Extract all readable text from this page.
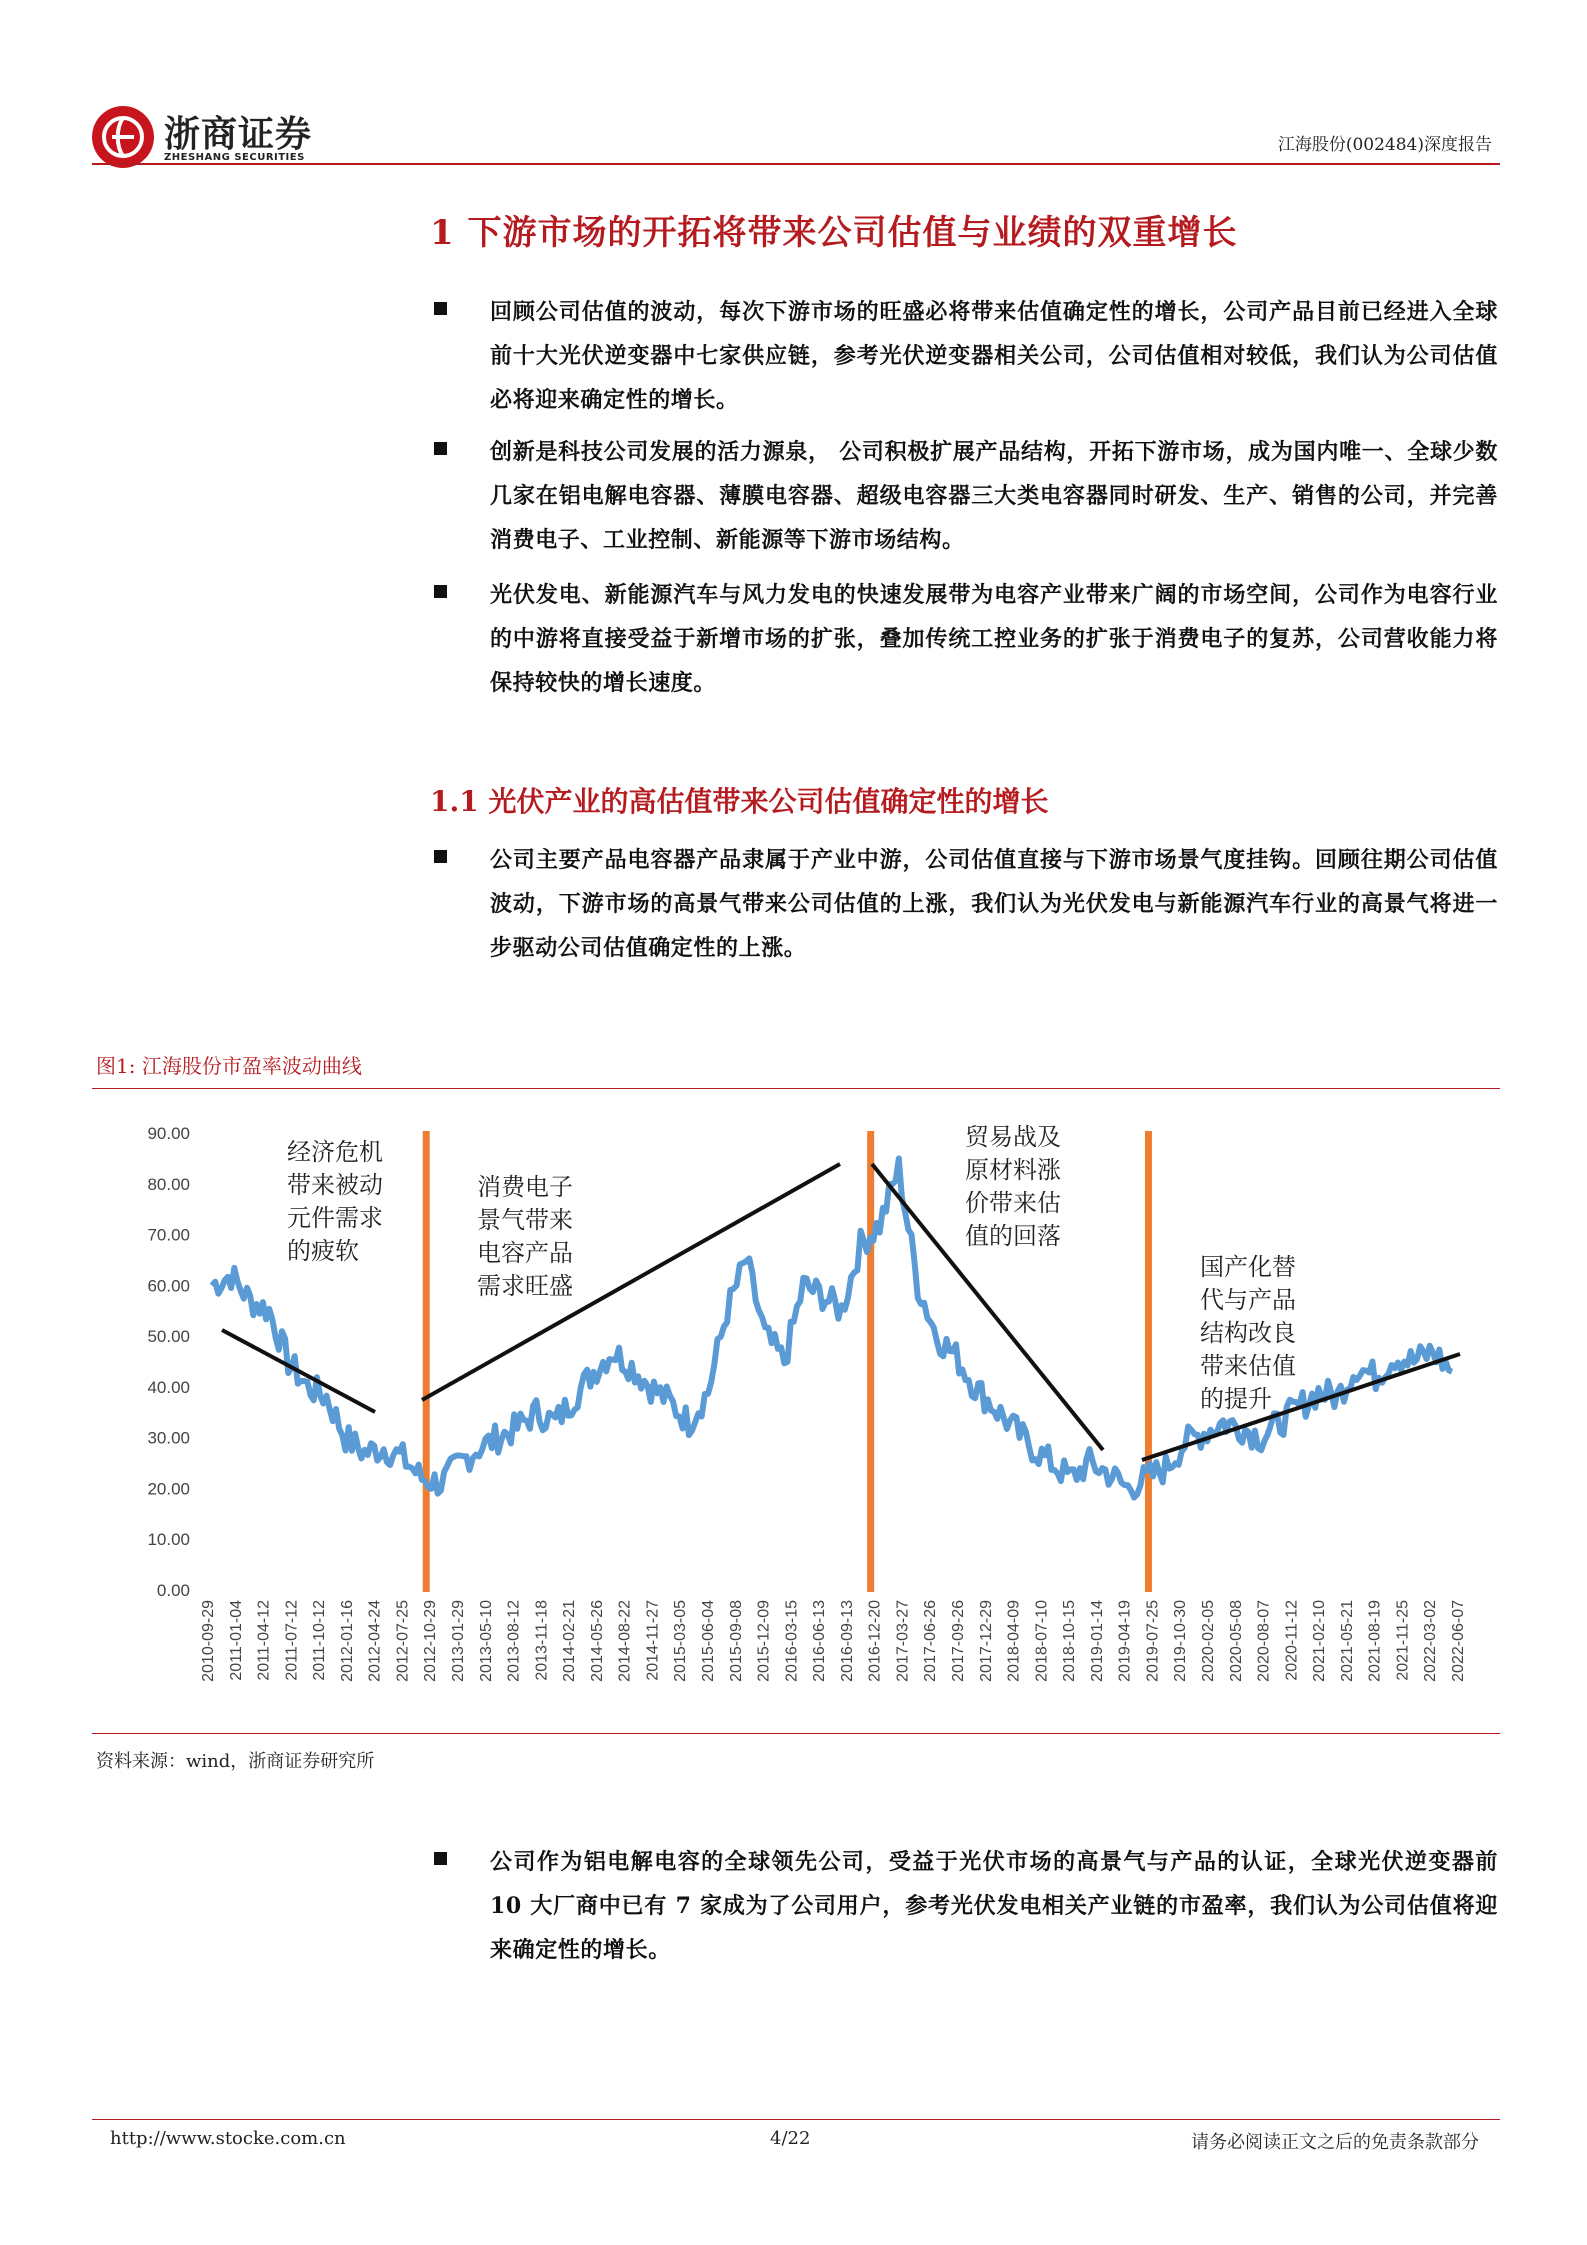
浙商证券
ZHESHANG SECURITIES
江海股份(002484)深度报告
1 下游市场的开拓将带来公司估值与业绩的双重增长

回顾公司估值的波动，每次下游市场的旺盛必将带来估值确定性的增长，公司产品目前已经进入全球前十大光伏逆变器中七家供应链，参考光伏逆变器相关公司，公司估值相对较低，我们认为公司估值必将迎来确定性的增长。

创新是科技公司发展的活力源泉， 公司积极扩展产品结构，开拓下游市场，成为国内唯一、全球少数几家在铝电解电容器、薄膜电容器、超级电容器三大类电容器同时研发、生产、销售的公司，并完善消费电子、工业控制、新能源等下游市场结构。

光伏发电、新能源汽车与风力发电的快速发展带为电容产业带来广阔的市场空间，公司作为电容行业的中游将直接受益于新增市场的扩张，叠加传统工控业务的扩张于消费电子的复苏，公司营收能力将保持较快的增长速度。

1.1 光伏产业的高估值带来公司估值确定性的增长

公司主要产品电容器产品隶属于产业中游，公司估值直接与下游市场景气度挂钩。回顾往期公司估值波动，下游市场的高景气带来公司估值的上涨，我们认为光伏发电与新能源汽车行业的高景气将进一步驱动公司估值确定性的上涨。

图1: 江海股份市盈率波动曲线
0.00
10.00
20.00
30.00
40.00
50.00
60.00
70.00
80.00
90.00
2010-09-29 2011-01-04 2011-04-12 2011-07-12 2011-10-12 2012-01-16 2012-04-24 2012-07-25 2012-10-29 2013-01-29 2013-05-10 2013-08-12 2013-11-18 2014-02-21 2014-05-26 2014-08-22 2014-11-27 2015-03-05 2015-06-04 2015-09-08 2015-12-09 2016-03-15 2016-06-13 2016-09-13 2016-12-20 2017-03-27 2017-06-26 2017-09-26 2017-12-29 2018-04-09 2018-07-10 2018-10-15 2019-01-14 2019-04-19 2019-07-25 2019-10-30 2020-02-05 2020-05-08 2020-08-07 2020-11-12 2021-02-10 2021-05-21 2021-08-19 2021-11-25 2022-03-02 2022-06-07
经济危机 带来被动元件需求的疲软
消费电子 景气带来电容产品需求旺盛
贸易战及 原材料涨价带来估值的回落
国产化替 代与产品结构改良带来估值的提升
资料来源：wind，浙商证券研究所

公司作为铝电解电容的全球领先公司，受益于光伏市场的高景气与产品的认证，全球光伏逆变器前 10 大厂商中已有 7 家成为了公司用户，参考光伏发电相关产业链的市盈率，我们认为公司估值将迎来确定性的增长。

http://www.stocke.com.cn	4/22	请务必阅读正文之后的免责条款部分
